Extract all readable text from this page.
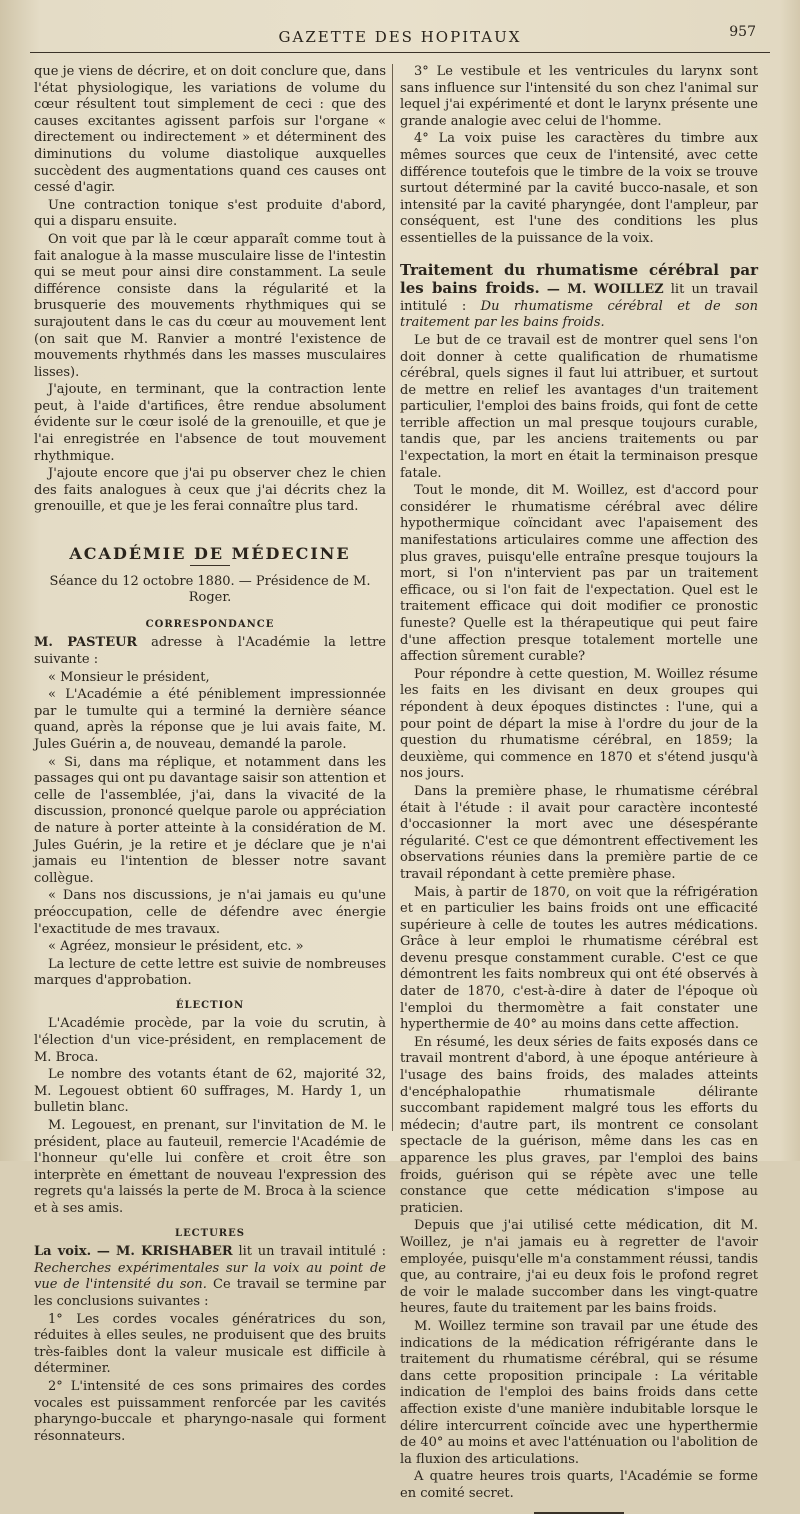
GAZETTE DES HOPITAUX	957

que je viens de décrire, et on doit conclure que, dans l'état physiologique, les variations de volume du cœur résultent tout simplement de ceci : que des causes excitantes agissent parfois sur l'organe « directement ou indirectement » et déterminent des diminutions du volume diastolique auxquelles succèdent des augmentations quand ces causes ont cessé d'agir.

Une contraction tonique s'est produite d'abord, qui a disparu ensuite.

On voit que par là le cœur apparaît comme tout à fait analogue à la masse musculaire lisse de l'intestin qui se meut pour ainsi dire constamment. La seule différence consiste dans la régularité et la brusquerie des mouvements rhythmiques qui se surajoutent dans le cas du cœur au mouvement lent (on sait que M. Ranvier a montré l'existence de mouvements rhythmés dans les masses musculaires lisses).

J'ajoute, en terminant, que la contraction lente peut, à l'aide d'artifices, être rendue absolument évidente sur le cœur isolé de la grenouille, et que je l'ai enregistrée en l'absence de tout mouvement rhythmique.

J'ajoute encore que j'ai pu observer chez le chien des faits analogues à ceux que j'ai décrits chez la grenouille, et que je les ferai connaître plus tard.

ACADÉMIE DE MÉDECINE

Séance du 12 octobre 1880. — Présidence de M. Roger.

CORRESPONDANCE

M. PASTEUR adresse à l'Académie la lettre suivante :

« Monsieur le président,

« L'Académie a été péniblement impressionnée par le tumulte qui a terminé la dernière séance quand, après la réponse que je lui avais faite, M. Jules Guérin a, de nouveau, demandé la parole.

« Si, dans ma réplique, et notamment dans les passages qui ont pu davantage saisir son attention et celle de l'assemblée, j'ai, dans la vivacité de la discussion, prononcé quelque parole ou appréciation de nature à porter atteinte à la considération de M. Jules Guérin, je la retire et je déclare que je n'ai jamais eu l'intention de blesser notre savant collègue.

« Dans nos discussions, je n'ai jamais eu qu'une préoccupation, celle de défendre avec énergie l'exactitude de mes travaux.

« Agréez, monsieur le président, etc. »

La lecture de cette lettre est suivie de nombreuses marques d'approbation.

ÉLECTION

L'Académie procède, par la voie du scrutin, à l'élection d'un vice-président, en remplacement de M. Broca.

Le nombre des votants étant de 62, majorité 32, M. Legouest obtient 60 suffrages, M. Hardy 1, un bulletin blanc.

M. Legouest, en prenant, sur l'invitation de M. le président, place au fauteuil, remercie l'Académie de l'honneur qu'elle lui confère et croit être son interprète en émettant de nouveau l'expression des regrets qu'a laissés la perte de M. Broca à la science et à ses amis.

LECTURES

La voix. — M. KRISHABER lit un travail intitulé : Recherches expérimentales sur la voix au point de vue de l'intensité du son. Ce travail se termine par les conclusions suivantes :

1° Les cordes vocales génératrices du son, réduites à elles seules, ne produisent que des bruits très-faibles dont la valeur musicale est difficile à déterminer.

2° L'intensité de ces sons primaires des cordes vocales est puissamment renforcée par les cavités pharyngo-buccale et pharyngo-nasale qui forment résonnateurs.

3° Le vestibule et les ventricules du larynx sont sans influence sur l'intensité du son chez l'animal sur lequel j'ai expérimenté et dont le larynx présente une grande analogie avec celui de l'homme.

4° La voix puise les caractères du timbre aux mêmes sources que ceux de l'intensité, avec cette différence toutefois que le timbre de la voix se trouve surtout déterminé par la cavité bucco-nasale, et son intensité par la cavité pharyngée, dont l'ampleur, par conséquent, est l'une des conditions les plus essentielles de la puissance de la voix.

Traitement du rhumatisme cérébral par les bains froids. — M. WOILLEZ lit un travail intitulé : Du rhumatisme cérébral et de son traitement par les bains froids.

Le but de ce travail est de montrer quel sens l'on doit donner à cette qualification de rhumatisme cérébral, quels signes il faut lui attribuer, et surtout de mettre en relief les avantages d'un traitement particulier, l'emploi des bains froids, qui font de cette terrible affection un mal presque toujours curable, tandis que, par les anciens traitements ou par l'expectation, la mort en était la terminaison presque fatale.

Tout le monde, dit M. Woillez, est d'accord pour considérer le rhumatisme cérébral avec délire hypothermique coïncidant avec l'apaisement des manifestations articulaires comme une affection des plus graves, puisqu'elle entraîne presque toujours la mort, si l'on n'intervient pas par un traitement efficace, ou si l'on fait de l'expectation. Quel est le traitement efficace qui doit modifier ce pronostic funeste? Quelle est la thérapeutique qui peut faire d'une affection presque totalement mortelle une affection sûrement curable?

Pour répondre à cette question, M. Woillez résume les faits en les divisant en deux groupes qui répondent à deux époques distinctes : l'une, qui a pour point de départ la mise à l'ordre du jour de la question du rhumatisme cérébral, en 1859; la deuxième, qui commence en 1870 et s'étend jusqu'à nos jours.

Dans la première phase, le rhumatisme cérébral était à l'étude : il avait pour caractère incontesté d'occasionner la mort avec une désespérante régularité. C'est ce que démontrent effectivement les observations réunies dans la première partie de ce travail répondant à cette première phase.

Mais, à partir de 1870, on voit que la réfrigération et en particulier les bains froids ont une efficacité supérieure à celle de toutes les autres médications. Grâce à leur emploi le rhumatisme cérébral est devenu presque constamment curable. C'est ce que démontrent les faits nombreux qui ont été observés à dater de 1870, c'est-à-dire à dater de l'époque où l'emploi du thermomètre a fait constater une hyperthermie de 40° au moins dans cette affection.

En résumé, les deux séries de faits exposés dans ce travail montrent d'abord, à une époque antérieure à l'usage des bains froids, des malades atteints d'encéphalopathie rhumatismale délirante succombant rapidement malgré tous les efforts du médecin; d'autre part, ils montrent ce consolant spectacle de la guérison, même dans les cas en apparence les plus graves, par l'emploi des bains froids, guérison qui se répète avec une telle constance que cette médication s'impose au praticien.

Depuis que j'ai utilisé cette médication, dit M. Woillez, je n'ai jamais eu à regretter de l'avoir employée, puisqu'elle m'a constamment réussi, tandis que, au contraire, j'ai eu deux fois le profond regret de voir le malade succomber dans les vingt-quatre heures, faute du traitement par les bains froids.

M. Woillez termine son travail par une étude des indications de la médication réfrigérante dans le traitement du rhumatisme cérébral, qui se résume dans cette proposition principale : La véritable indication de l'emploi des bains froids dans cette affection existe d'une manière indubitable lorsque le délire intercurrent coïncide avec une hyperthermie de 40° au moins et avec l'atténuation ou l'abolition de la fluxion des articulations.

A quatre heures trois quarts, l'Académie se forme en comité secret.
